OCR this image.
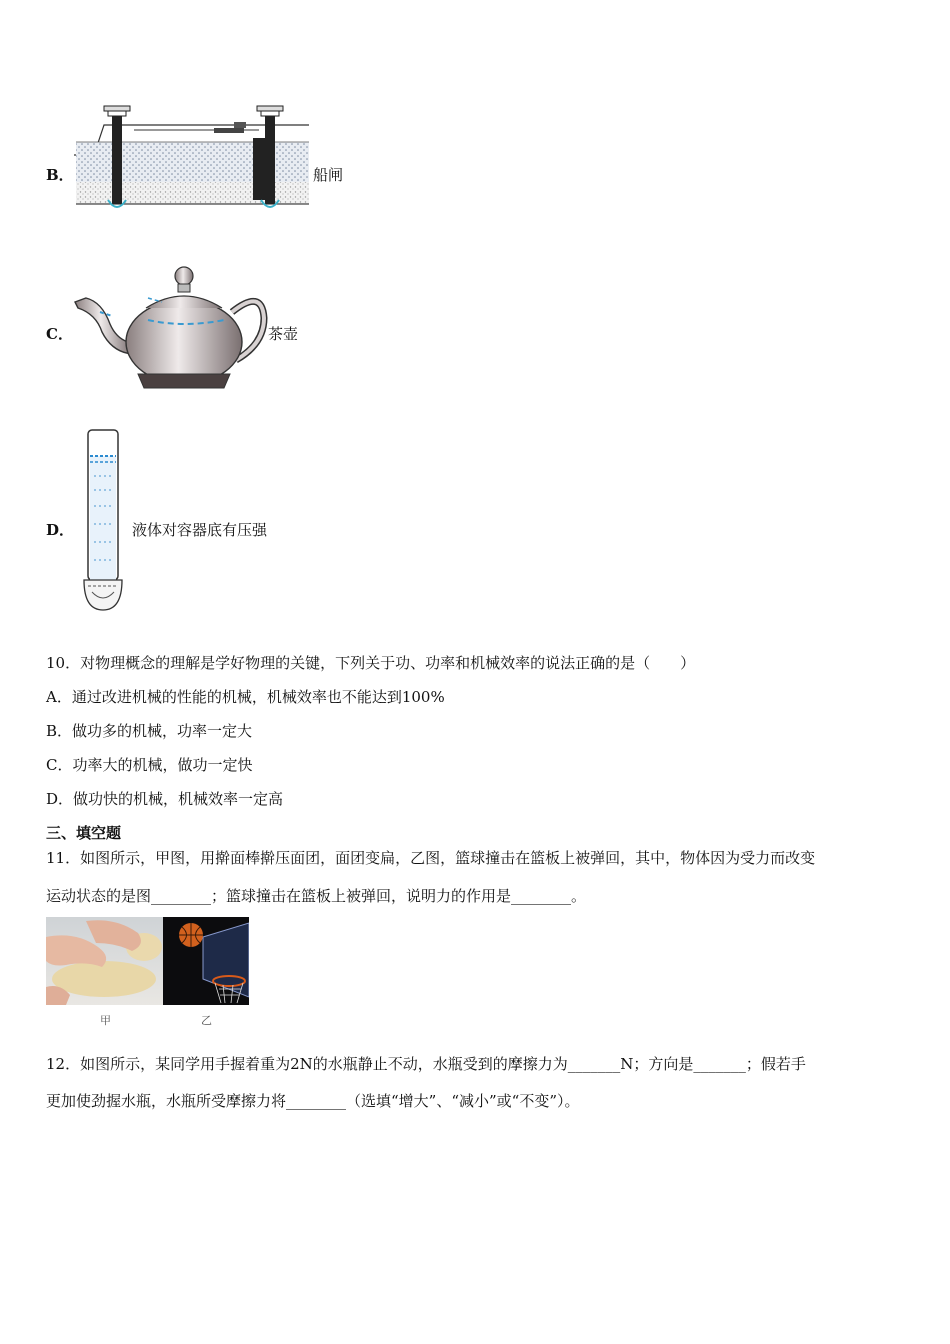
B．	船闸
C．	茶壶
D．	液体对容器底有压强
10．对物理概念的理解是学好物理的关键，下列关于功、功率和机械效率的说法正确的是（　　）
A．通过改进机械的性能的机械，机械效率也不能达到100%
B．做功多的机械，功率一定大
C．功率大的机械，做功一定快
D．做功快的机械，机械效率一定高
三、填空题
11．如图所示，甲图，用擀面棒擀压面团，面团变扁，乙图，篮球撞击在篮板上被弹回，其中，物体因为受力而改变
运动状态的是图________；篮球撞击在篮板上被弹回，说明力的作用是________。
甲	乙
12．如图所示，某同学用手握着重为2N的水瓶静止不动，水瓶受到的摩擦力为_______N；方向是_______；假若手
更加使劲握水瓶，水瓶所受摩擦力将________（选填“增大”、“减小”或“不变”）。
